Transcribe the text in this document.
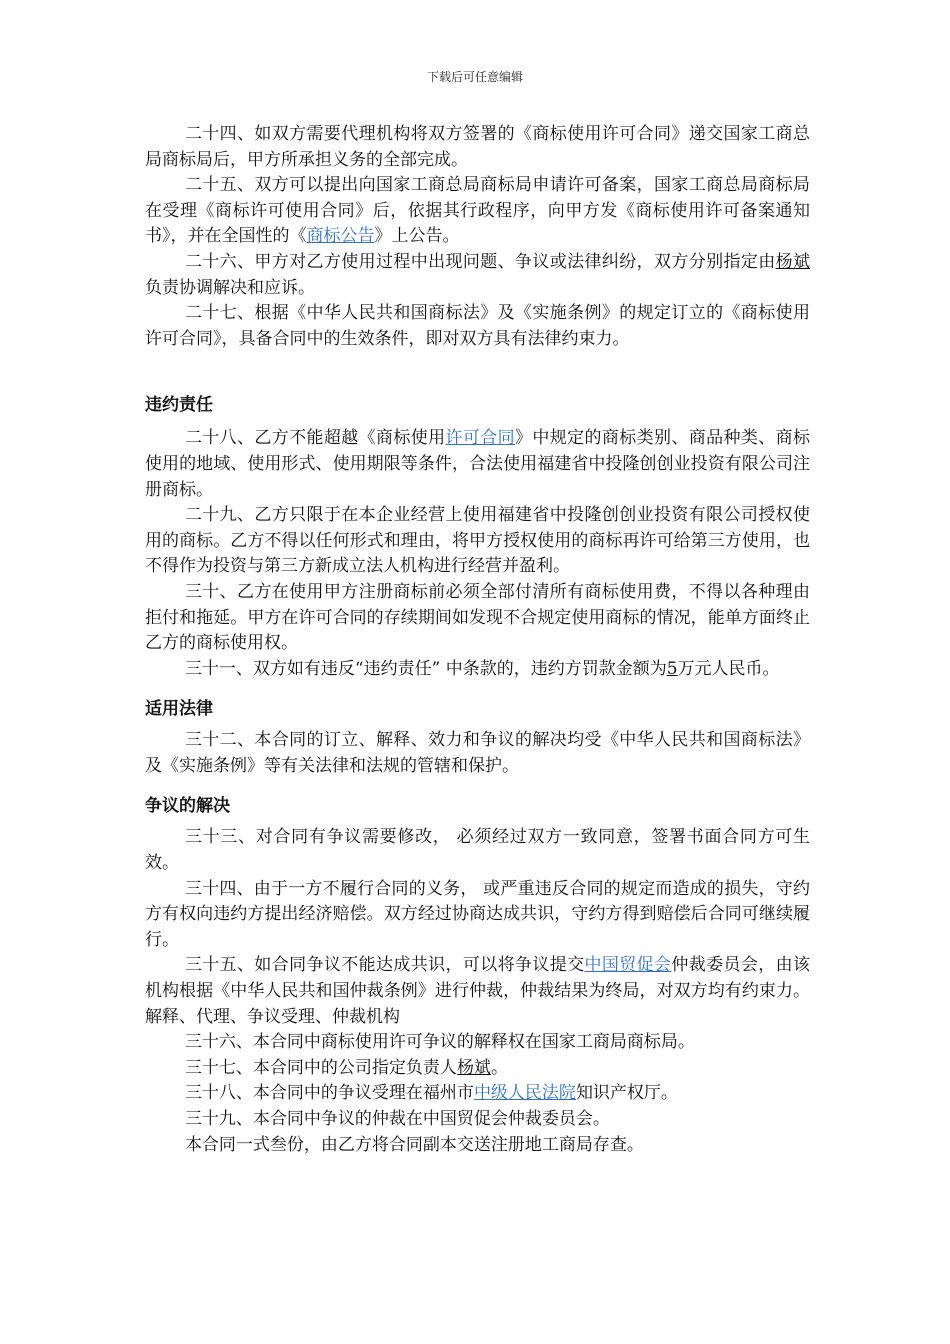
下载后可任意编辑

二十四、如双方需要代理机构将双方签署的《商标使用许可合同》递交国家工商总局商标局后，甲方所承担义务的全部完成。

二十五、双方可以提出向国家工商总局商标局申请许可备案，国家工商总局商标局在受理《商标许可使用合同》后，依据其行政程序，向甲方发《商标使用许可备案通知书》，并在全国性的《商标公告》上公告。

二十六、甲方对乙方使用过程中出现问题、争议或法律纠纷，双方分别指定由杨斌负责协调解决和应诉。

二十七、根据《中华人民共和国商标法》及《实施条例》的规定订立的《商标使用许可合同》，具备合同中的生效条件，即对双方具有法律约束力。

违约责任

二十八、乙方不能超越《商标使用许可合同》中规定的商标类别、商品种类、商标使用的地域、使用形式、使用期限等条件，合法使用福建省中投隆创创业投资有限公司注册商标。

二十九、乙方只限于在本企业经营上使用福建省中投隆创创业投资有限公司授权使用的商标。乙方不得以任何形式和理由，将甲方授权使用的商标再许可给第三方使用，也不得作为投资与第三方新成立法人机构进行经营并盈利。

三十、乙方在使用甲方注册商标前必须全部付清所有商标使用费，不得以各种理由拒付和拖延。甲方在许可合同的存续期间如发现不合规定使用商标的情况，能单方面终止乙方的商标使用权。

三十一、双方如有违反“违约责任” 中条款的，违约方罚款金额为5万元人民币。

适用法律

三十二、本合同的订立、解释、效力和争议的解决均受《中华人民共和国商标法》及《实施条例》等有关法律和法规的管辖和保护。

争议的解决

三十三、对合同有争议需要修改， 必须经过双方一致同意，签署书面合同方可生效。

三十四、由于一方不履行合同的义务， 或严重违反合同的规定而造成的损失，守约方有权向违约方提出经济赔偿。双方经过协商达成共识，守约方得到赔偿后合同可继续履行。

三十五、如合同争议不能达成共识，可以将争议提交中国贸促会仲裁委员会，由该机构根据《中华人民共和国仲裁条例》进行仲裁，仲裁结果为终局，对双方均有约束力。解释、代理、争议受理、仲裁机构

三十六、本合同中商标使用许可争议的解释权在国家工商局商标局。

三十七、本合同中的公司指定负责人杨斌。

三十八、本合同中的争议受理在福州市中级人民法院知识产权厅。

三十九、本合同中争议的仲裁在中国贸促会仲裁委员会。

本合同一式叁份，由乙方将合同副本交送注册地工商局存查。
